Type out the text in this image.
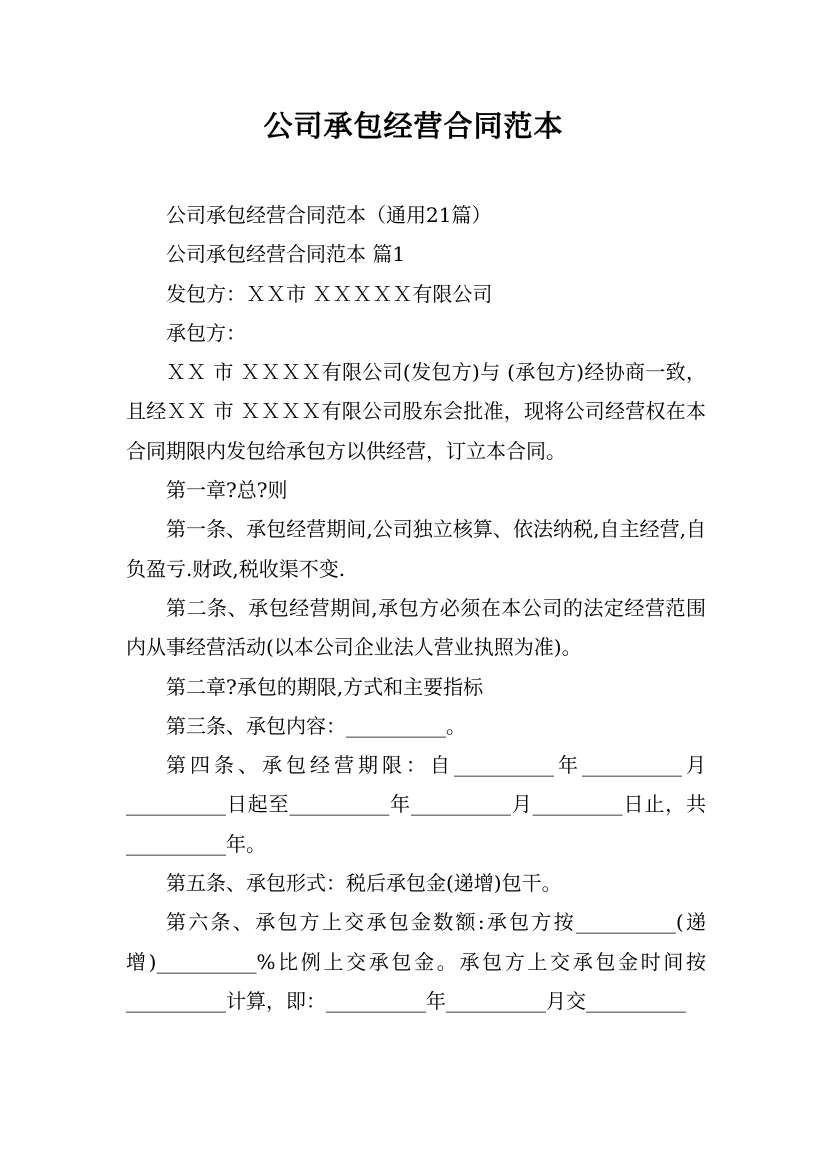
公司承包经营合同范本

公司承包经营合同范本（通用21篇）

公司承包经营合同范本 篇1

发包方：ＸＸ市 ＸＸＸＸＸ有限公司

承包方：

ＸＸ 市 ＸＸＸＸ有限公司(发包方)与 (承包方)经协商一致，且经ＸＸ 市 ＸＸＸＸ有限公司股东会批准，现将公司经营权在本合同期限内发包给承包方以供经营，订立本合同。

第一章?总?则

第一条、承包经营期间,公司独立核算、依法纳税,自主经营,自负盈亏.财政,税收渠不变.

第二条、承包经营期间,承包方必须在本公司的法定经营范围内从事经营活动(以本公司企业法人营业执照为准)。

第二章?承包的期限,方式和主要指标

第三条、承包内容：__________。

第四条、承包经营期限：自__________年__________月__________日起至__________年__________月_________日止，共__________年。

第五条、承包形式：税后承包金(递增)包干。

第六条、承包方上交承包金数额:承包方按__________(递增)__________%比例上交承包金。承包方上交承包金时间按__________计算，即：__________年__________月交__________
